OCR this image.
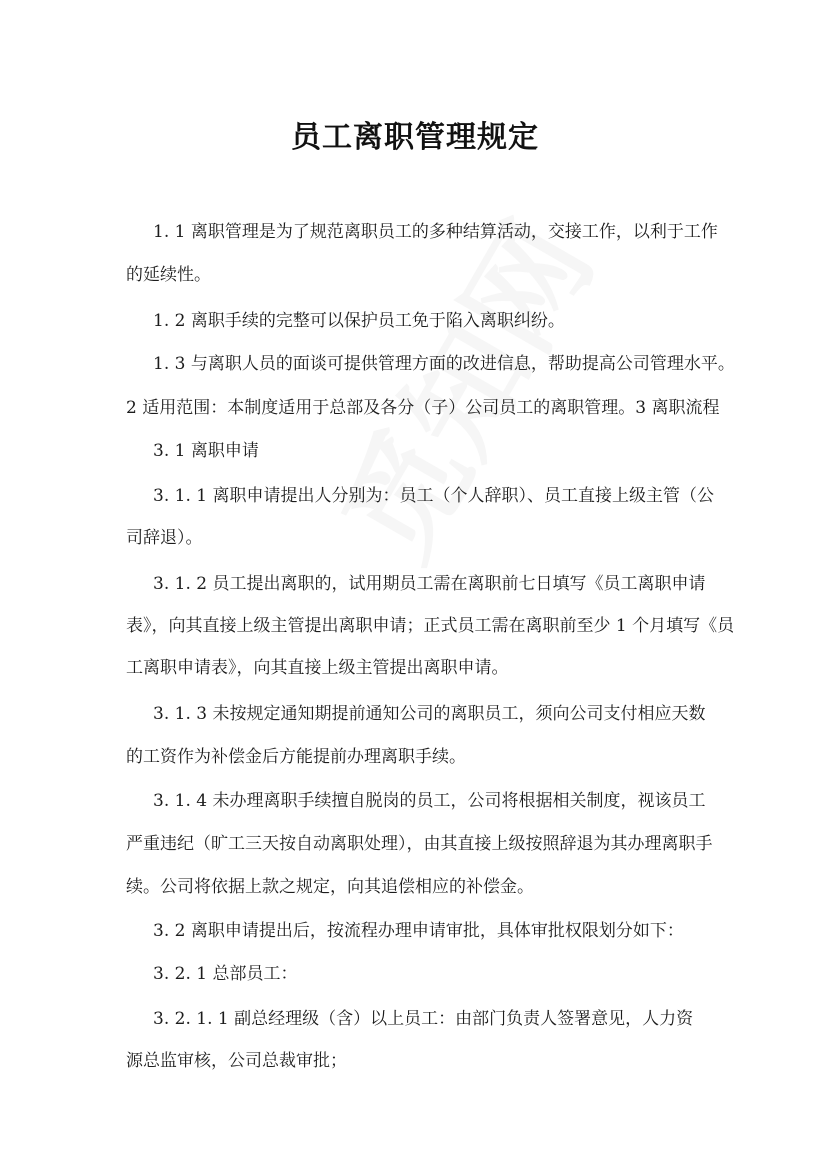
员工离职管理规定
1. 1 离职管理是为了规范离职员工的多种结算活动，交接工作，以利于工作
的延续性。
1. 2 离职手续的完整可以保护员工免于陷入离职纠纷。
1. 3 与离职人员的面谈可提供管理方面的改进信息，帮助提高公司管理水平。
2 适用范围：本制度适用于总部及各分（子）公司员工的离职管理。3 离职流程
3. 1 离职申请
3. 1. 1 离职申请提出人分别为：员工（个人辞职）、员工直接上级主管（公
司辞退）。
3. 1. 2 员工提出离职的，试用期员工需在离职前七日填写《员工离职申请
表》，向其直接上级主管提出离职申请；正式员工需在离职前至少 1 个月填写《员
工离职申请表》，向其直接上级主管提出离职申请。
3. 1. 3 未按规定通知期提前通知公司的离职员工，须向公司支付相应天数
的工资作为补偿金后方能提前办理离职手续。
3. 1. 4 未办理离职手续擅自脱岗的员工，公司将根据相关制度，视该员工
严重违纪（旷工三天按自动离职处理），由其直接上级按照辞退为其办理离职手
续。公司将依据上款之规定，向其追偿相应的补偿金。
3. 2 离职申请提出后，按流程办理申请审批，具体审批权限划分如下：
3. 2. 1 总部员工：
3. 2. 1. 1 副总经理级（含）以上员工：由部门负责人签署意见，人力资
源总监审核，公司总裁审批；
